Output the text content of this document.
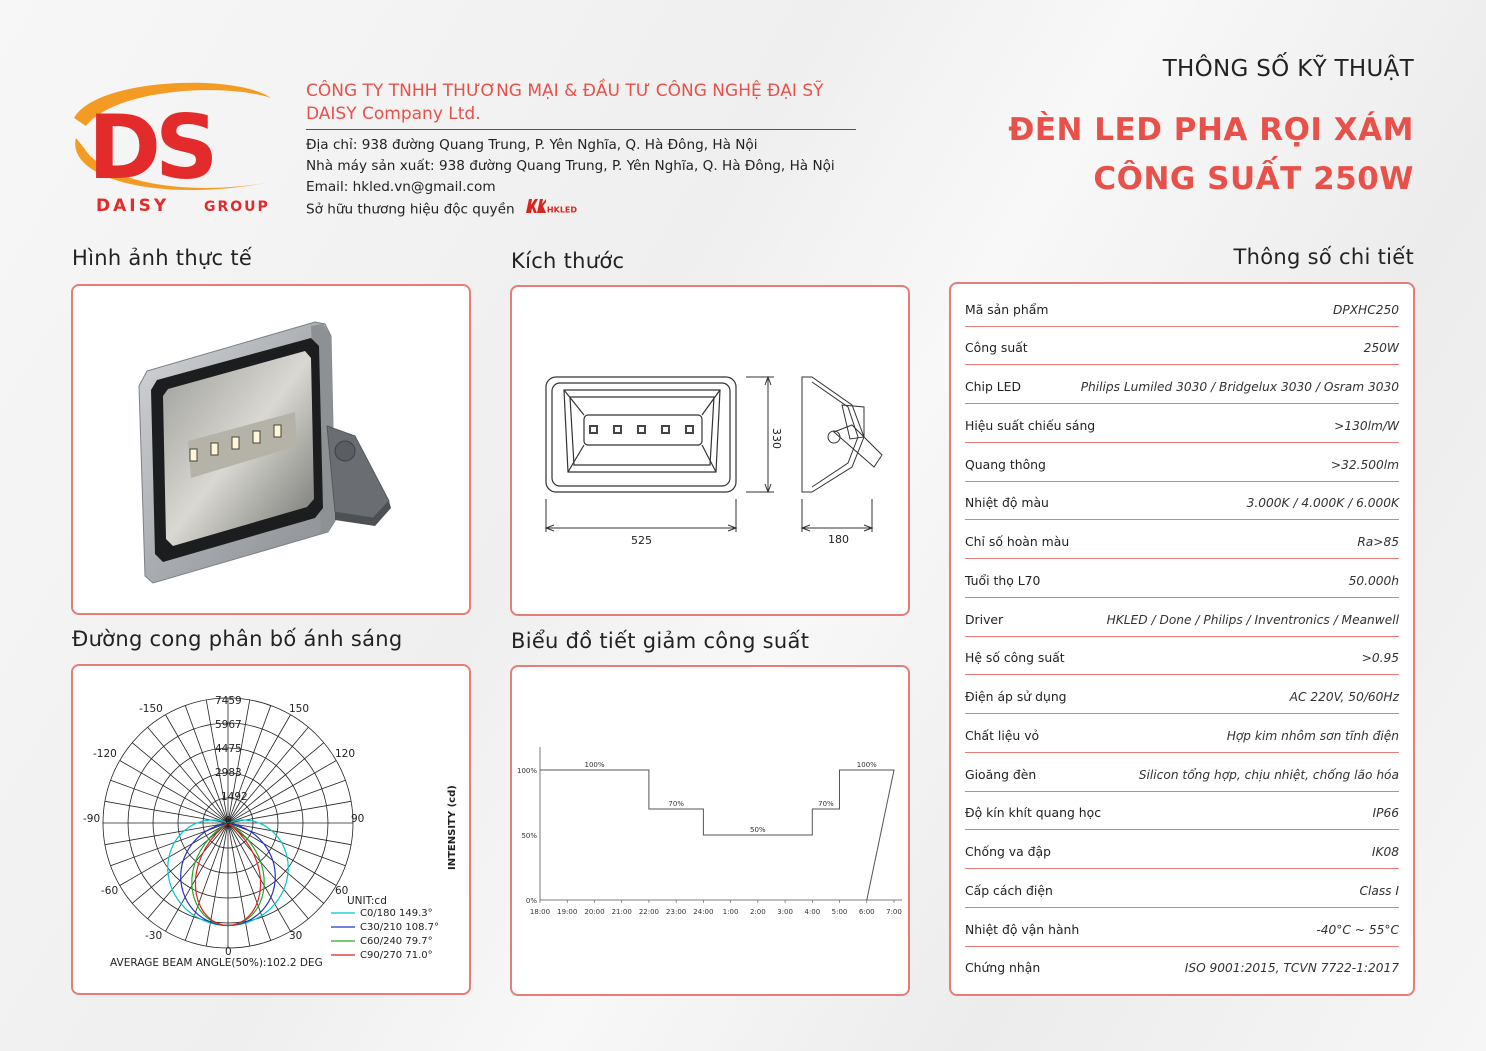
DS
DAISY GROUP
CÔNG TY TNHH THƯƠNG MẠI & ĐẦU TƯ CÔNG NGHỆ ĐẠI SỸ
DAISY Company Ltd.
Địa chỉ: 938 đường Quang Trung, P. Yên Nghĩa, Q. Hà Đông, Hà Nội
Nhà máy sản xuất: 938 đường Quang Trung, P. Yên Nghĩa, Q. Hà Đông, Hà Nội
Email: hkled.vn@gmail.com
Sở hữu thương hiệu độc quyền	HKLED
THÔNG SỐ KỸ THUẬT
ĐÈN LED PHA RỌI XÁM
CÔNG SUẤT 250W
Hình ảnh thực tế	Kích thước	Thông số chi tiết
Đường cong phân bố ánh sáng	Biểu đồ tiết giảm công suất
525	180
330
-150	150
-120	120
-90	90
-60	60
-30	30
0
7459
5967
4475
2983
1492
0
UNIT:cd
AVERAGE BEAM ANGLE(50%):102.2 DEG
INTENSITY (cd)
C0/180 149.3°
C30/210 108.7°
C60/240 79.7°
C90/270 71.0°
18:00 19:00 20:00 21:00 22:00 23:00 24:00 1:00 2:00 3:00 4:00 5:00 6:00 7:00
0%
50%
100%
100%
70%
50%
70%
100%
Mã sản phẩm	DPXHC250
Công suất	250W
Chip LED	Philips Lumiled 3030 / Bridgelux 3030 / Osram 3030
Hiệu suất chiếu sáng	>130lm/W
Quang thông	>32.500lm
Nhiệt độ màu	3.000K / 4.000K / 6.000K
Chỉ số hoàn màu	Ra>85
Tuổi thọ L70	50.000h
Driver	HKLED / Done / Philips / Inventronics / Meanwell
Hệ số công suất	>0.95
Điện áp sử dụng	AC 220V, 50/60Hz
Chất liệu vỏ	Hợp kim nhôm sơn tĩnh điện
Gioăng đèn	Silicon tổng hợp, chịu nhiệt, chống lão hóa
Độ kín khít quang học	IP66
Chống va đập	IK08
Cấp cách điện	Class I
Nhiệt độ vận hành	-40°C ~ 55°C
Chứng nhận	ISO 9001:2015, TCVN 7722-1:2017
